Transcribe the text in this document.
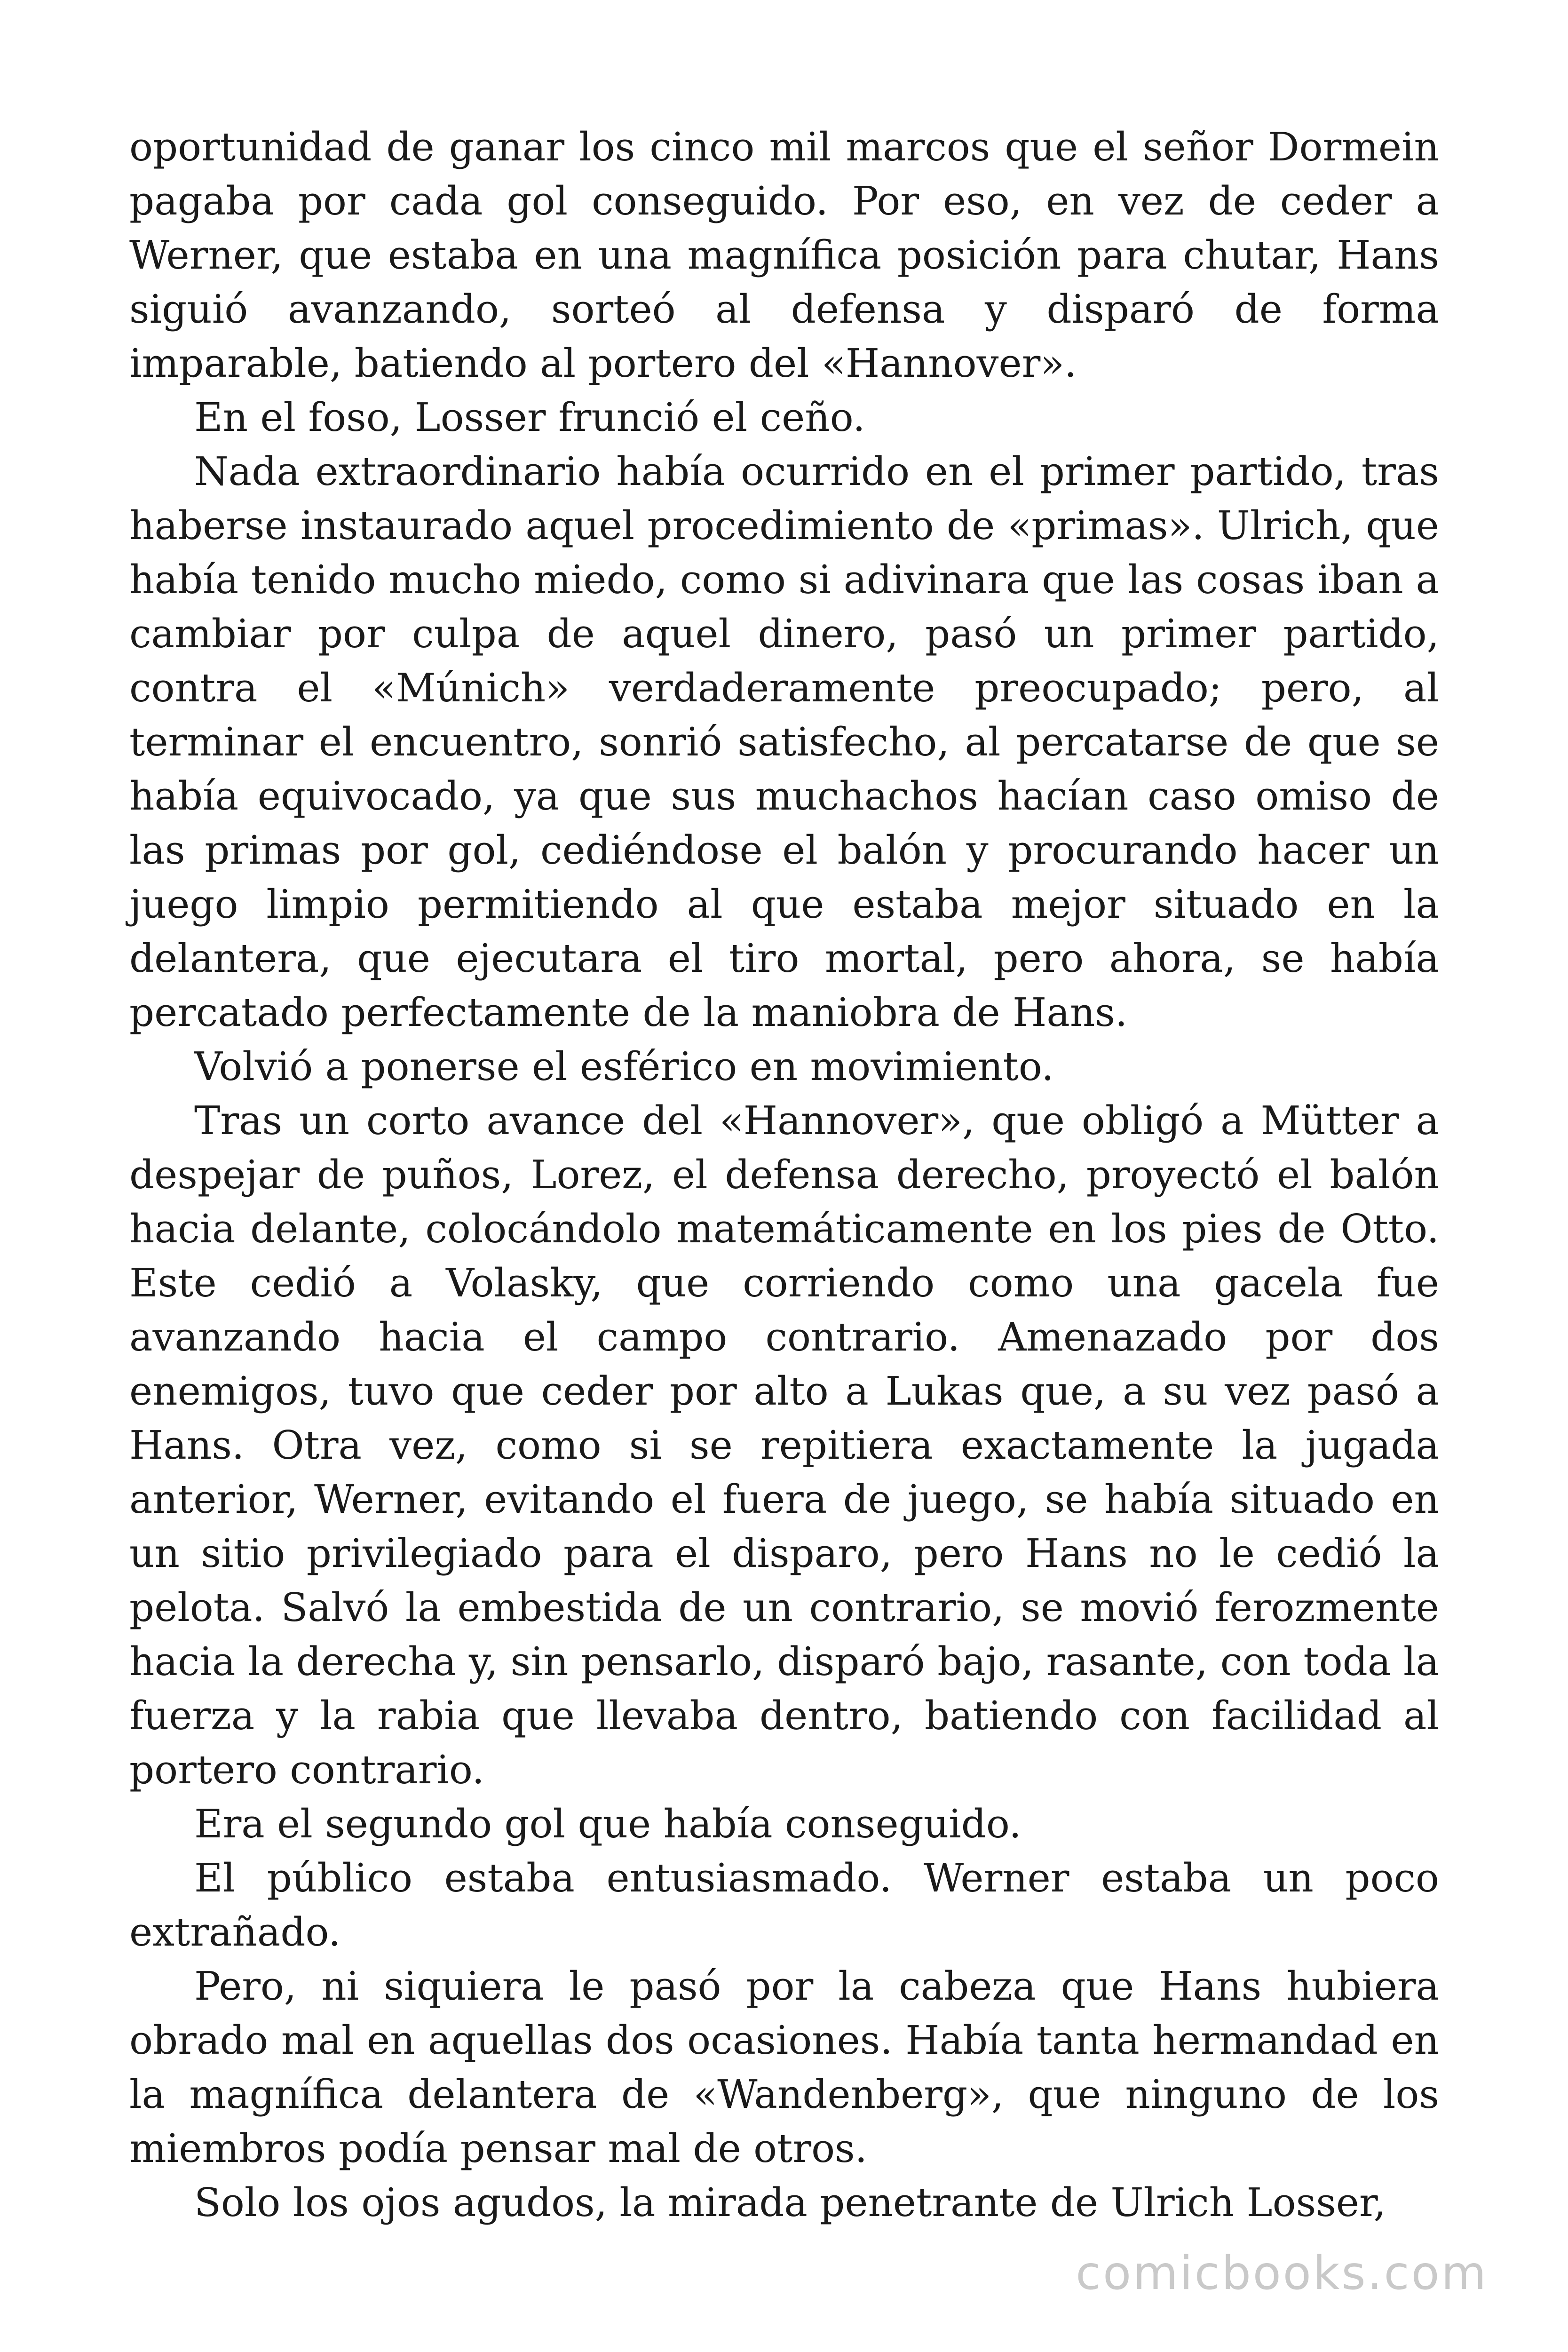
oportunidad de ganar los cinco mil marcos que el señor Dormein pagaba por cada gol conseguido. Por eso, en vez de ceder a Werner, que estaba en una magnífica posición para chutar, Hans siguió avanzando, sorteó al defensa y disparó de forma imparable, batiendo al portero del «Hannover».

En el foso, Losser frunció el ceño.

Nada extraordinario había ocurrido en el primer partido, tras haberse instaurado aquel procedimiento de «primas». Ulrich, que había tenido mucho miedo, como si adivinara que las cosas iban a cambiar por culpa de aquel dinero, pasó un primer partido, contra el «Múnich» verdaderamente preocupado; pero, al terminar el encuentro, sonrió satisfecho, al percatarse de que se había equivocado, ya que sus muchachos hacían caso omiso de las primas por gol, cediéndose el balón y procurando hacer un juego limpio permitiendo al que estaba mejor situado en la delantera, que ejecutara el tiro mortal, pero ahora, se había percatado perfectamente de la maniobra de Hans.

Volvió a ponerse el esférico en movimiento.

Tras un corto avance del «Hannover», que obligó a Mütter a despejar de puños, Lorez, el defensa derecho, proyectó el balón hacia delante, colocándolo matemáticamente en los pies de Otto. Este cedió a Volasky, que corriendo como una gacela fue avanzando hacia el campo contrario. Amenazado por dos enemigos, tuvo que ceder por alto a Lukas que, a su vez pasó a Hans. Otra vez, como si se repitiera exactamente la jugada anterior, Werner, evitando el fuera de juego, se había situado en un sitio privilegiado para el disparo, pero Hans no le cedió la pelota. Salvó la embestida de un contrario, se movió ferozmente hacia la derecha y, sin pensarlo, disparó bajo, rasante, con toda la fuerza y la rabia que llevaba dentro, batiendo con facilidad al portero contrario.

Era el segundo gol que había conseguido.

El público estaba entusiasmado. Werner estaba un poco extrañado.

Pero, ni siquiera le pasó por la cabeza que Hans hubiera obrado mal en aquellas dos ocasiones. Había tanta hermandad en la magnífica delantera de «Wandenberg», que ninguno de los miembros podía pensar mal de otros.

Solo los ojos agudos, la mirada penetrante de Ulrich Losser,

comicbooks.com
